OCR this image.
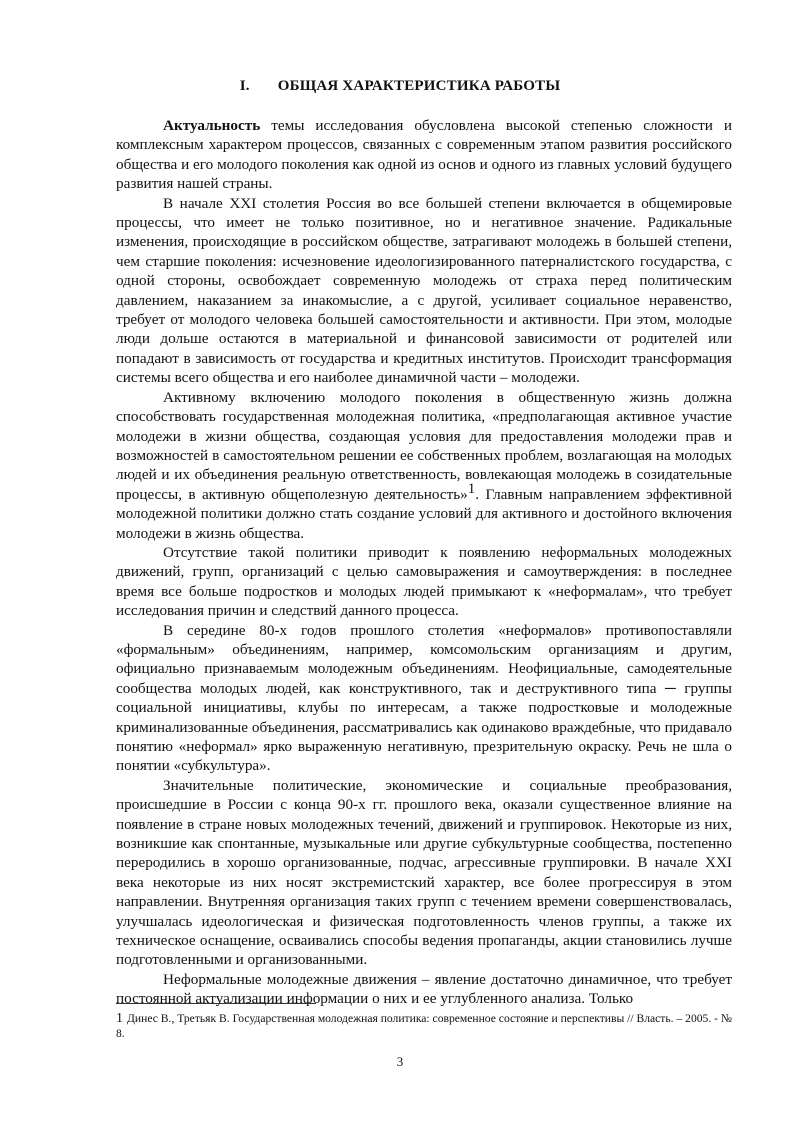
I. ОБЩАЯ ХАРАКТЕРИСТИКА РАБОТЫ

Актуальность темы исследования обусловлена высокой степенью сложности и комплексным характером процессов, связанных с современным этапом развития российского общества и его молодого поколения как одной из основ и одного из главных условий будущего развития нашей страны.

В начале XXI столетия Россия во все большей степени включается в общемировые процессы, что имеет не только позитивное, но и негативное значение. Радикальные изменения, происходящие в российском обществе, затрагивают молодежь в большей степени, чем старшие поколения: исчезновение идеологизированного патерналистского государства, с одной стороны, освобождает современную молодежь от страха перед политическим давлением, наказанием за инакомыслие, а с другой, усиливает социальное неравенство, требует от молодого человека большей самостоятельности и активности. При этом, молодые люди дольше остаются в материальной и финансовой зависимости от родителей или попадают в зависимость от государства и кредитных институтов. Происходит трансформация системы всего общества и его наиболее динамичной части – молодежи.

Активному включению молодого поколения в общественную жизнь должна способствовать государственная молодежная политика, «предполагающая активное участие молодежи в жизни общества, создающая условия для предоставления молодежи прав и возможностей в самостоятельном решении ее собственных проблем, возлагающая на молодых людей и их объединения реальную ответственность, вовлекающая молодежь в созидательные процессы, в активную общеполезную деятельность»1. Главным направлением эффективной молодежной политики должно стать создание условий для активного и достойного включения молодежи в жизнь общества.

Отсутствие такой политики приводит к появлению неформальных молодежных движений, групп, организаций с целью самовыражения и самоутверждения: в последнее время все больше подростков и молодых людей примыкают к «неформалам», что требует исследования причин и следствий данного процесса.

В середине 80-х годов прошлого столетия «неформалов» противопоставляли «формальным» объединениям, например, комсомольским организациям и другим, официально признаваемым молодежным объединениям. Неофициальные, самодеятельные сообщества молодых людей, как конструктивного, так и деструктивного типа ─ группы социальной инициативы, клубы по интересам, а также подростковые и молодежные криминализованные объединения, рассматривались как одинаково враждебные, что придавало понятию «неформал» ярко выраженную негативную, презрительную окраску. Речь не шла о понятии «субкультура».

Значительные политические, экономические и социальные преобразования, происшедшие в России с конца 90-х гг. прошлого века, оказали существенное влияние на появление в стране новых молодежных течений, движений и группировок. Некоторые из них, возникшие как спонтанные, музыкальные или другие субкультурные сообщества, постепенно переродились в хорошо организованные, подчас, агрессивные группировки. В начале XXI века некоторые из них носят экстремистский характер, все более прогрессируя в этом направлении. Внутренняя организация таких групп с течением времени совершенствовалась, улучшалась идеологическая и физическая подготовленность членов группы, а также их техническое оснащение, осваивались способы ведения пропаганды, акции становились лучше подготовленными и организованными.

Неформальные молодежные движения – явление достаточно динамичное, что требует постоянной актуализации информации о них и ее углубленного анализа. Только

1 Динес В., Третьяк В. Государственная молодежная политика: современное состояние и перспективы // Власть. – 2005. - № 8.
3
